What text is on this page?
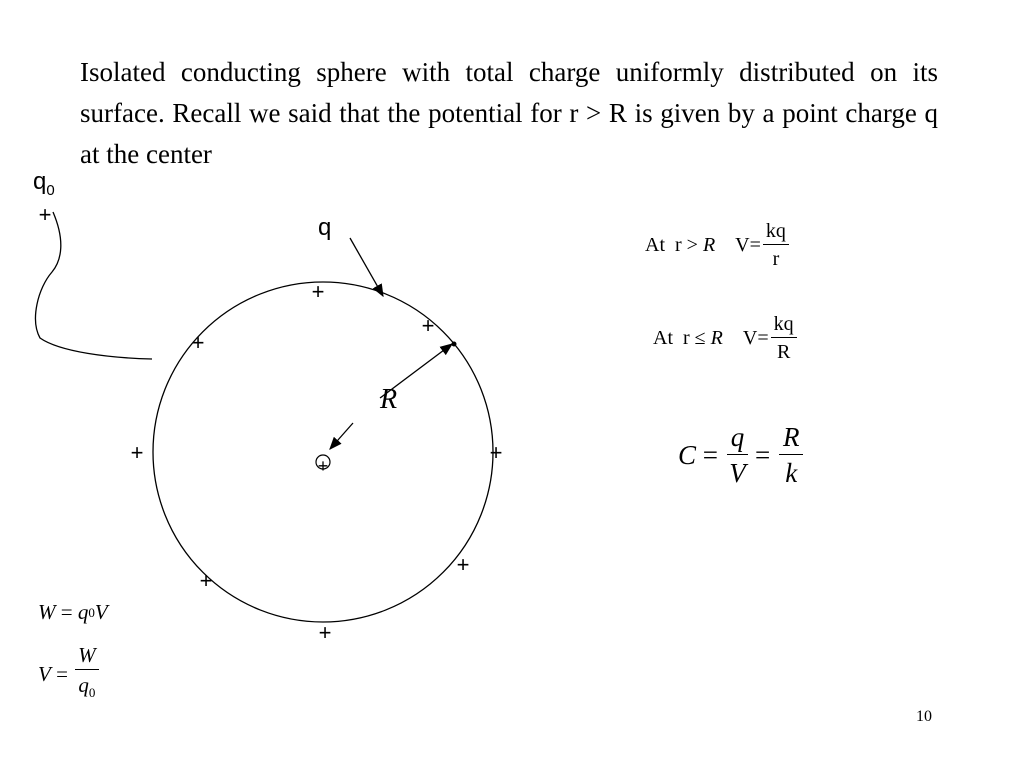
Isolated conducting sphere with total charge uniformly distributed on its surface. Recall we said that the potential for r > R is given by a point charge q at the center

$q_0$
+	q
R
+
+
+
+
+	+
+
+
+
At
r
>
R
$V= \frac{kq}{r}$
At
r
≤
R
$V= \frac{kq}{R}$
C
=
$\frac{q}{V}$
=
$\frac{R}{k}$
W
=
q 0 V
V
=
$\frac{W}{q_0}$
10
